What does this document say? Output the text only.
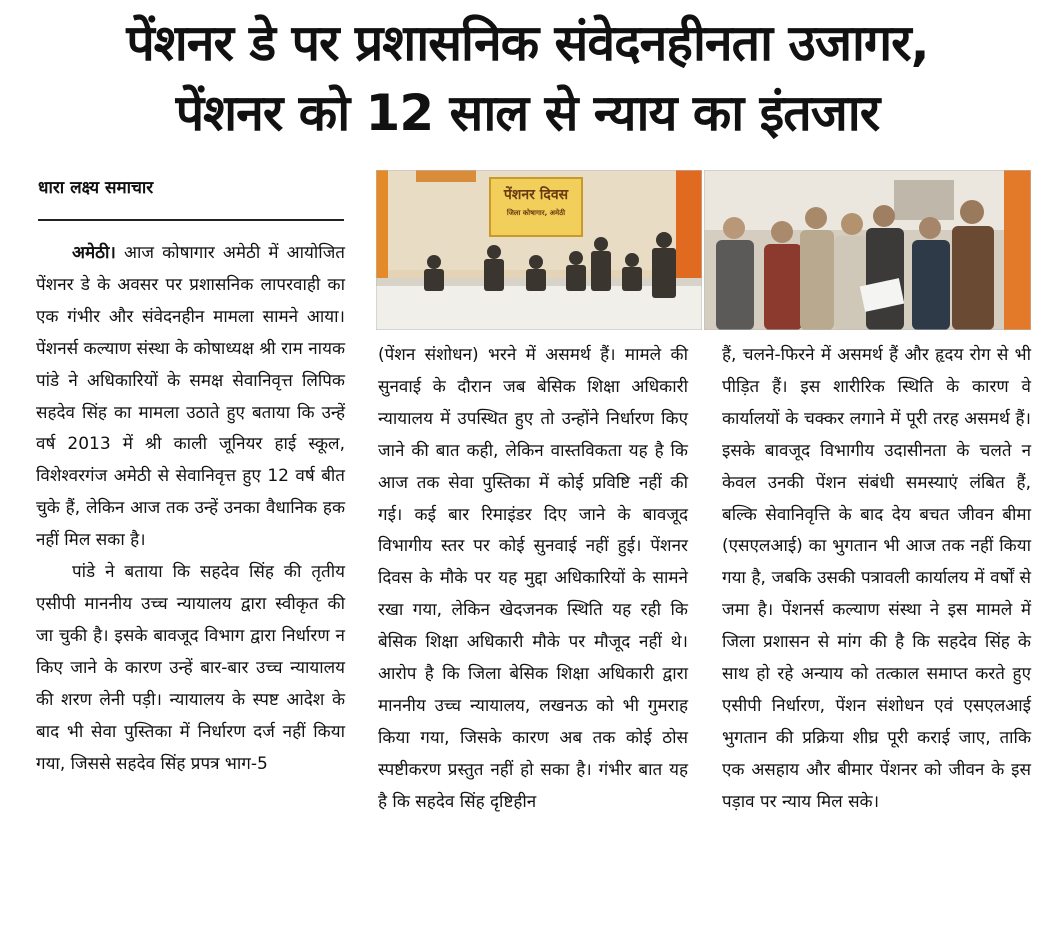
पेंशनर डे पर प्रशासनिक संवेदनहीनता उजागर,
पेंशनर को 12 साल से न्याय का इंतजार
धारा लक्ष्य समाचार

अमेठी। आज कोषागार अमेठी में आयोजित पेंशनर डे के अवसर पर प्रशासनिक लापरवाही का एक गंभीर और संवेदनहीन मामला सामने आया। पेंशनर्स कल्याण संस्था के कोषाध्यक्ष श्री राम नायक पांडे ने अधिकारियों के समक्ष सेवानिवृत्त लिपिक सहदेव सिंह का मामला उठाते हुए बताया कि उन्हें वर्ष 2013 में श्री काली जूनियर हाई स्कूल, विशेश्वरगंज अमेठी से सेवानिवृत्त हुए 12 वर्ष बीत चुके हैं, लेकिन आज तक उन्हें उनका वैधानिक हक नहीं मिल सका है।

पांडे ने बताया कि सहदेव सिंह की तृतीय एसीपी माननीय उच्च न्यायालय द्वारा स्वीकृत की जा चुकी है। इसके बावजूद विभाग द्वारा निर्धारण न किए जाने के कारण उन्हें बार-बार उच्च न्यायालय की शरण लेनी पड़ी। न्यायालय के स्पष्ट आदेश के बाद भी सेवा पुस्तिका में निर्धारण दर्ज नहीं किया गया, जिससे सहदेव सिंह प्रपत्र भाग-5

पेंशनर दिवस
जिला कोषागार, अमेठी

(पेंशन संशोधन) भरने में असमर्थ हैं। मामले की सुनवाई के दौरान जब बेसिक शिक्षा अधिकारी न्यायालय में उपस्थित हुए तो उन्होंने निर्धारण किए जाने की बात कही, लेकिन वास्तविकता यह है कि आज तक सेवा पुस्तिका में कोई प्रविष्टि नहीं की गई। कई बार रिमाइंडर दिए जाने के बावजूद विभागीय स्तर पर कोई सुनवाई नहीं हुई। पेंशनर दिवस के मौके पर यह मुद्दा अधिकारियों के सामने रखा गया, लेकिन खेदजनक स्थिति यह रही कि बेसिक शिक्षा अधिकारी मौके पर मौजूद नहीं थे। आरोप है कि जिला बेसिक शिक्षा अधिकारी द्वारा माननीय उच्च न्यायालय, लखनऊ को भी गुमराह किया गया, जिसके कारण अब तक कोई ठोस स्पष्टीकरण प्रस्तुत नहीं हो सका है। गंभीर बात यह है कि सहदेव सिंह दृष्टिहीन

हैं, चलने-फिरने में असमर्थ हैं और हृदय रोग से भी पीड़ित हैं। इस शारीरिक स्थिति के कारण वे कार्यालयों के चक्कर लगाने में पूरी तरह असमर्थ हैं। इसके बावजूद विभागीय उदासीनता के चलते न केवल उनकी पेंशन संबंधी समस्याएं लंबित हैं, बल्कि सेवानिवृत्ति के बाद देय बचत जीवन बीमा (एसएलआई) का भुगतान भी आज तक नहीं किया गया है, जबकि उसकी पत्रावली कार्यालय में वर्षों से जमा है। पेंशनर्स कल्याण संस्था ने इस मामले में जिला प्रशासन से मांग की है कि सहदेव सिंह के साथ हो रहे अन्याय को तत्काल समाप्त करते हुए एसीपी निर्धारण, पेंशन संशोधन एवं एसएलआई भुगतान की प्रक्रिया शीघ्र पूरी कराई जाए, ताकि एक असहाय और बीमार पेंशनर को जीवन के इस पड़ाव पर न्याय मिल सके।
